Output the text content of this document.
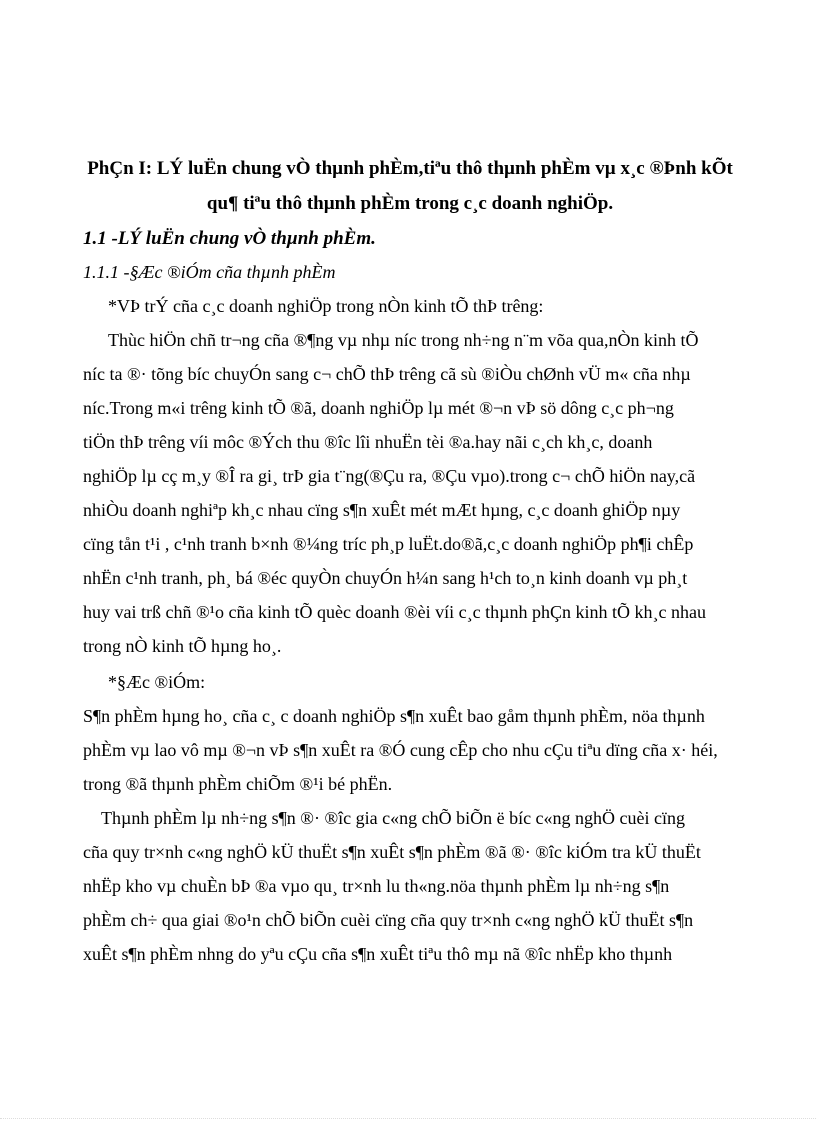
PhÇn I: LÝ luËn chung vÒ thµnh phÈm,tiªu thô thµnh phÈm vµ x¸c ®Þnh kÕt
qu¶ tiªu thô thµnh phÈm trong c¸c doanh nghiÖp.
1.1 -LÝ luËn chung vÒ thµnh phÈm.
1.1.1 -§Æc ®iÓm cña thµnh phÈm
*VÞ trÝ cña c¸c doanh nghiÖp trong nÒn kinh tÕ thÞ trêng:
Thùc hiÖn chñ tr¬ng cña ®¶ng vµ nhµ níc trong nh÷ng n¨m võa qua,nÒn kinh tÕ
níc ta ®· tõng bíc chuyÓn sang c¬ chÕ thÞ trêng cã sù ®iÒu chØnh vÜ m« cña nhµ
níc.Trong m«i trêng kinh tÕ ®ã, doanh nghiÖp lµ mét ®¬n vÞ sö dông c¸c ph¬ng
tiÖn thÞ trêng víi môc ®Ých thu ®îc lîi nhuËn tèi ®a.hay nãi c¸ch kh¸c, doanh
nghiÖp lµ cç m¸y ®Î ra gi¸ trÞ gia t¨ng(®Çu ra, ®Çu vµo).trong c¬ chÕ hiÖn nay,cã
nhiÒu doanh nghiªp kh¸c nhau cïng s¶n xuÊt mét mÆt hµng, c¸c doanh ghiÖp nµy
cïng tån t¹i , c¹nh tranh b×nh ®¼ng tríc ph¸p luËt.do®ã,c¸c doanh nghiÖp ph¶i chÊp
nhËn c¹nh tranh, ph¸ bá ®éc quyÒn chuyÓn h¼n sang h¹ch to¸n kinh doanh vµ ph¸t
huy vai trß chñ ®¹o cña kinh tÕ quèc doanh ®èi víi c¸c thµnh phÇn kinh tÕ kh¸c nhau
trong nÒ kinh tÕ hµng ho¸.
*§Æc ®iÓm:
S¶n phÈm hµng ho¸ cña c¸ c doanh nghiÖp s¶n xuÊt bao gåm thµnh phÈm, nöa thµnh
phÈm vµ lao vô mµ ®¬n vÞ s¶n xuÊt ra ®Ó cung cÊp cho nhu cÇu tiªu dïng cña x· héi,
trong ®ã thµnh phÈm chiÕm ®¹i bé phËn.
Thµnh phÈm lµ nh÷ng s¶n ®· ®îc gia c«ng chÕ biÕn ë bíc c«ng nghÖ cuèi cïng
cña quy tr×nh c«ng nghÖ kÜ thuËt s¶n xuÊt s¶n phÈm ®ã ®· ®îc kiÓm tra kÜ thuËt
nhËp kho vµ chuÈn bÞ ®a vµo qu¸ tr×nh lu th«ng.nöa thµnh phÈm lµ nh÷ng s¶n
phÈm ch÷ qua giai ®o¹n chÕ biÕn cuèi cïng cña quy tr×nh c«ng nghÖ kÜ thuËt s¶n
xuÊt s¶n phÈm nhng do yªu cÇu cña s¶n xuÊt tiªu thô mµ nã ®îc nhËp kho thµnh
